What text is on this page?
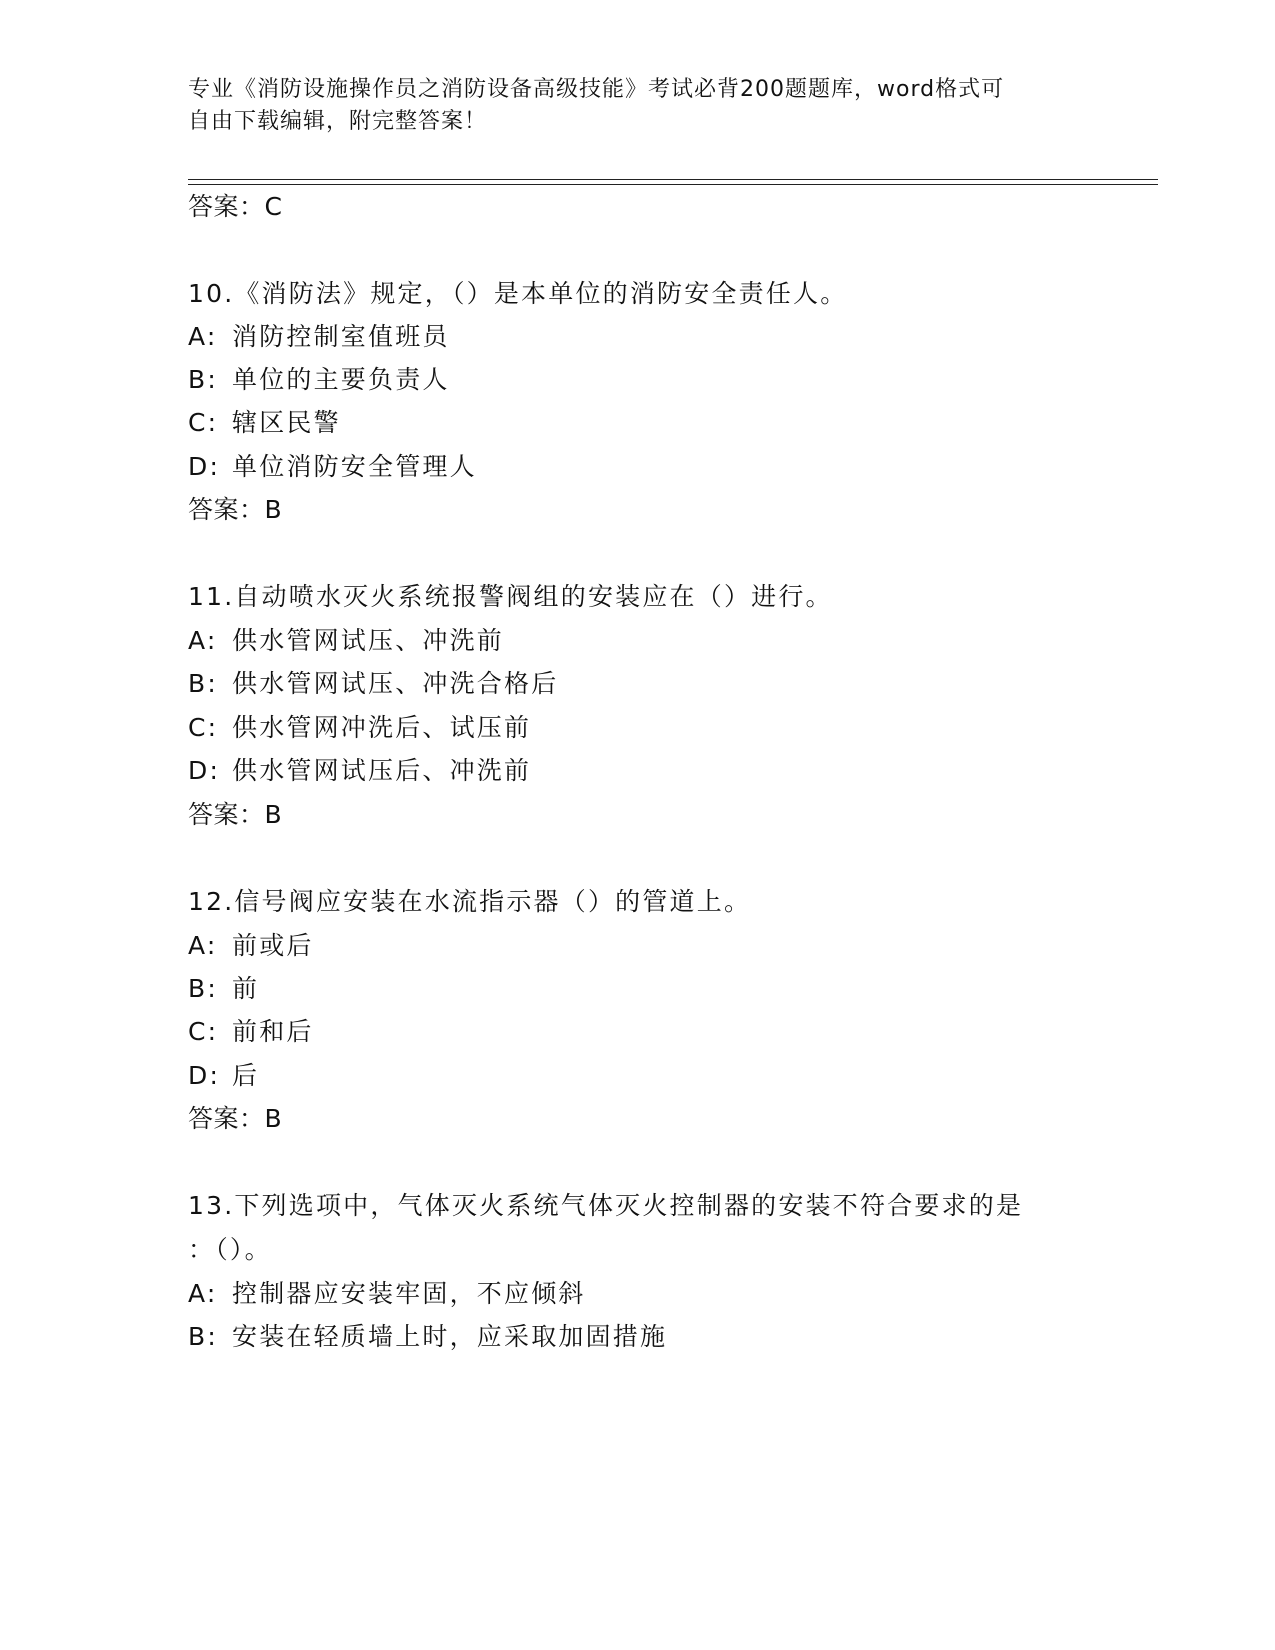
专业《消防设施操作员之消防设备高级技能》考试必背200题题库，word格式可
自由下载编辑，附完整答案！
答案：C
10.《消防法》规定，（）是本单位的消防安全责任人。
A: 消防控制室值班员
B: 单位的主要负责人
C: 辖区民警
D: 单位消防安全管理人
答案：B
11.自动喷水灭火系统报警阀组的安装应在（）进行。
A: 供水管网试压、冲洗前
B: 供水管网试压、冲洗合格后
C: 供水管网冲洗后、试压前
D: 供水管网试压后、冲洗前
答案：B
12.信号阀应安装在水流指示器（）的管道上。
A: 前或后
B: 前
C: 前和后
D: 后
答案：B
13.下列选项中，气体灭火系统气体灭火控制器的安装不符合要求的是
：（）。
A: 控制器应安装牢固，不应倾斜
B: 安装在轻质墙上时，应采取加固措施
